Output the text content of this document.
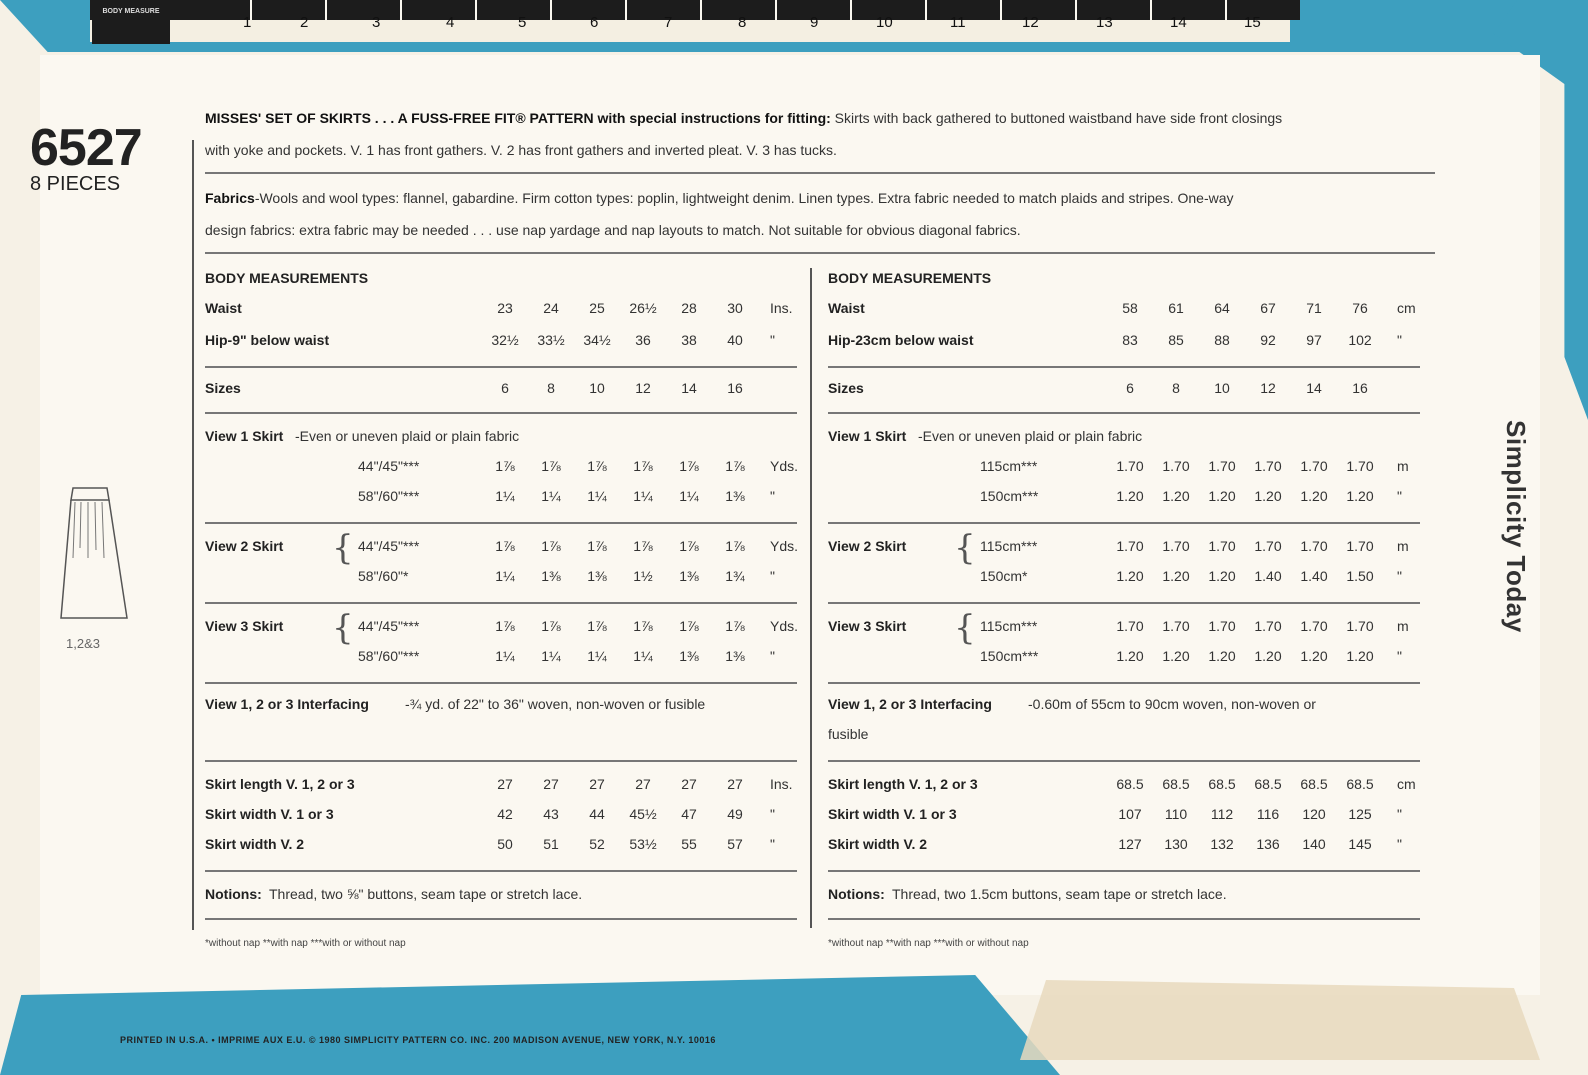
BODY MEASURE
1	2	3	4	5	6	7	8	9	10	11	12	13	14	15
PRINTED IN U.S.A. • IMPRIME AUX E.U. © 1980 SIMPLICITY PATTERN CO. INC. 200 MADISON AVENUE, NEW YORK, N.Y. 10016
6527
8 PIECES
1,2&3
Simplicity Today
MISSES' SET OF SKIRTS . . . A FUSS-FREE FIT® PATTERN with special instructions for fitting: Skirts with back gathered to buttoned waistband have side front closings
with yoke and pockets. V. 1 has front gathers. V. 2 has front gathers and inverted pleat. V. 3 has tucks.
Fabrics-Wools and wool types: flannel, gabardine. Firm cotton types: poplin, lightweight denim. Linen types. Extra fabric needed to match plaids and stripes. One-way
design fabrics: extra fabric may be needed . . . use nap yardage and nap layouts to match. Not suitable for obvious diagonal fabrics.
BODY MEASUREMENTS
Waist	23	24	25	26½	28	30	Ins.
Hip-9" below waist	32½	33½	34½	36	38	40	"
Sizes	6	8	10	12	14	16
View 1 Skirt -Even or uneven plaid or plain fabric
44"/45"***	1⅞	1⅞	1⅞	1⅞	1⅞	1⅞	Yds.
58"/60"***	1¼	1¼	1¼	1¼	1¼	1⅜	"
View 2 Skirt { 44"/45"***	1⅞	1⅞	1⅞	1⅞	1⅞	1⅞	Yds.
58"/60"*	1¼	1⅜	1⅜	1½	1⅜	1¾	"
View 3 Skirt { 44"/45"***	1⅞	1⅞	1⅞	1⅞	1⅞	1⅞	Yds.
58"/60"***	1¼	1¼	1¼	1¼	1⅜	1⅜	"
View 1, 2 or 3 Interfacing	-¾ yd. of 22" to 36" woven, non-woven or fusible
Skirt length V. 1, 2 or 3	27	27	27	27	27	27	Ins.
Skirt width V. 1 or 3	42	43	44	45½	47	49	"
Skirt width V. 2	50	51	52	53½	55	57	"
Notions: Thread, two ⅝" buttons, seam tape or stretch lace.
*without nap **with nap ***with or without nap
BODY MEASUREMENTS
Waist	58	61	64	67	71	76	cm
Hip-23cm below waist	83	85	88	92	97	102	"
Sizes	6	8	10	12	14	16
View 1 Skirt -Even or uneven plaid or plain fabric
115cm***	1.70	1.70	1.70	1.70	1.70	1.70	m
150cm***	1.20	1.20	1.20	1.20	1.20	1.20	"
View 2 Skirt { 115cm***	1.70	1.70	1.70	1.70	1.70	1.70	m
150cm*	1.20	1.20	1.20	1.40	1.40	1.50	"
View 3 Skirt { 115cm***	1.70	1.70	1.70	1.70	1.70	1.70	m
150cm***	1.20	1.20	1.20	1.20	1.20	1.20	"
View 1, 2 or 3 Interfacing	-0.60m of 55cm to 90cm woven, non-woven or
fusible
Skirt length V. 1, 2 or 3	68.5	68.5	68.5	68.5	68.5	68.5	cm
Skirt width V. 1 or 3	107	110	112	116	120	125	"
Skirt width V. 2	127	130	132	136	140	145	"
Notions: Thread, two 1.5cm buttons, seam tape or stretch lace.
*without nap **with nap ***with or without nap
